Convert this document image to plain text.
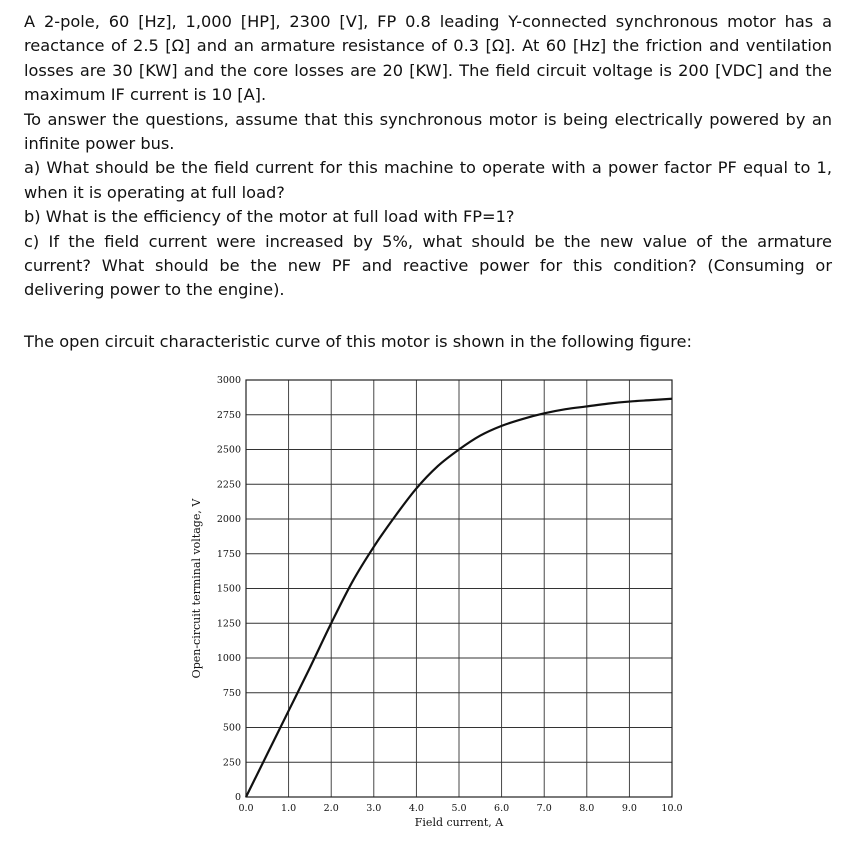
A 2-pole, 60 [Hz], 1,000 [HP], 2300 [V], FP 0.8 leading Y-connected synchronous motor has a reactance of 2.5 [Ω] and an armature resistance of 0.3 [Ω]. At 60 [Hz] the friction and ventilation losses are 30 [KW] and the core losses are 20 [KW]. The field circuit voltage is 200 [VDC] and the maximum IF current is 10 [A].

To answer the questions, assume that this synchronous motor is being electrically powered by an infinite power bus.

a) What should be the field current for this machine to operate with a power factor PF equal to 1, when it is operating at full load?

b) What is the efficiency of the motor at full load with FP=1?

c) If the field current were increased by 5%, what should be the new value of the armature current? What should be the new PF and reactive power for this condition? (Consuming or delivering power to the engine).

The open circuit characteristic curve of this motor is shown in the following figure:
0.0	1.0	2.0	3.0	4.0	5.0	6.0	7.0	8.0	9.0	10.0
0
250
500
750
1000
1250
1500
1750
2000
2250
2500
2750
3000
Field current, A
Open-circuit terminal voltage, V
